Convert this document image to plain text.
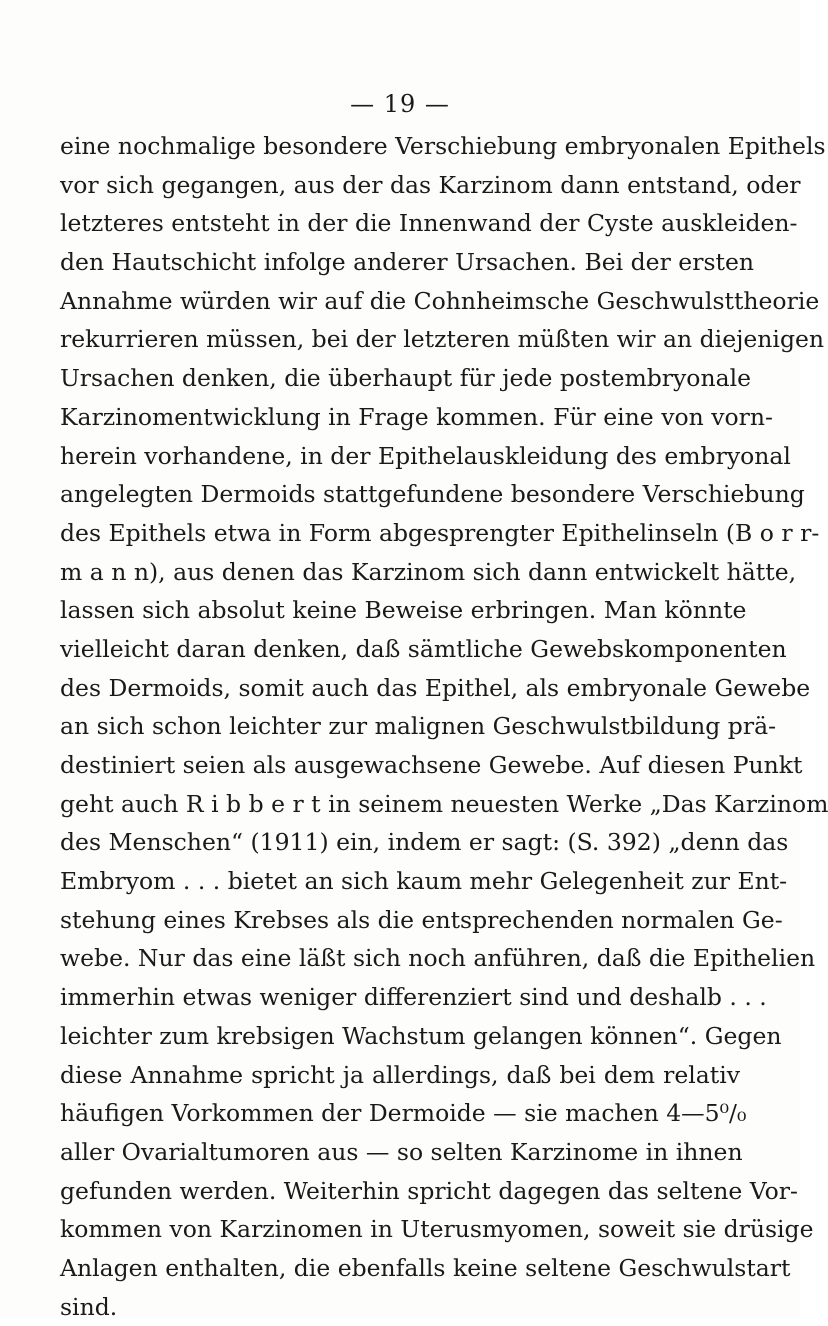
— 19 —
eine nochmalige besondere Verschiebung embryonalen Epithels
vor sich gegangen, aus der das Karzinom dann entstand, oder
letzteres entsteht in der die Innenwand der Cyste auskleiden-
den Hautschicht infolge anderer Ursachen. Bei der ersten
Annahme würden wir auf die Cohnheimsche Geschwulsttheorie
rekurrieren müssen, bei der letzteren müßten wir an diejenigen
Ursachen denken, die überhaupt für jede postembryonale
Karzinomentwicklung in Frage kommen. Für eine von vorn-
herein vorhandene, in der Epithelauskleidung des embryonal
angelegten Dermoids stattgefundene besondere Verschiebung
des Epithels etwa in Form abgesprengter Epithelinseln (B o r r-
m a n n), aus denen das Karzinom sich dann entwickelt hätte,
lassen sich absolut keine Beweise erbringen. Man könnte
vielleicht daran denken, daß sämtliche Gewebskomponenten
des Dermoids, somit auch das Epithel, als embryonale Gewebe
an sich schon leichter zur malignen Geschwulstbildung prä-
destiniert seien als ausgewachsene Gewebe. Auf diesen Punkt
geht auch R i b b e r t in seinem neuesten Werke „Das Karzinom
des Menschen“ (1911) ein, indem er sagt: (S. 392) „denn das
Embryom . . . bietet an sich kaum mehr Gelegenheit zur Ent-
stehung eines Krebses als die entsprechenden normalen Ge-
webe. Nur das eine läßt sich noch anführen, daß die Epithelien
immerhin etwas weniger differenziert sind und deshalb . . .
leichter zum krebsigen Wachstum gelangen können“. Gegen
diese Annahme spricht ja allerdings, daß bei dem relativ
häufigen Vorkommen der Dermoide — sie machen 4—5⁰/₀
aller Ovarialtumoren aus — so selten Karzinome in ihnen
gefunden werden. Weiterhin spricht dagegen das seltene Vor-
kommen von Karzinomen in Uterusmyomen, soweit sie drüsige
Anlagen enthalten, die ebenfalls keine seltene Geschwulstart
sind.
